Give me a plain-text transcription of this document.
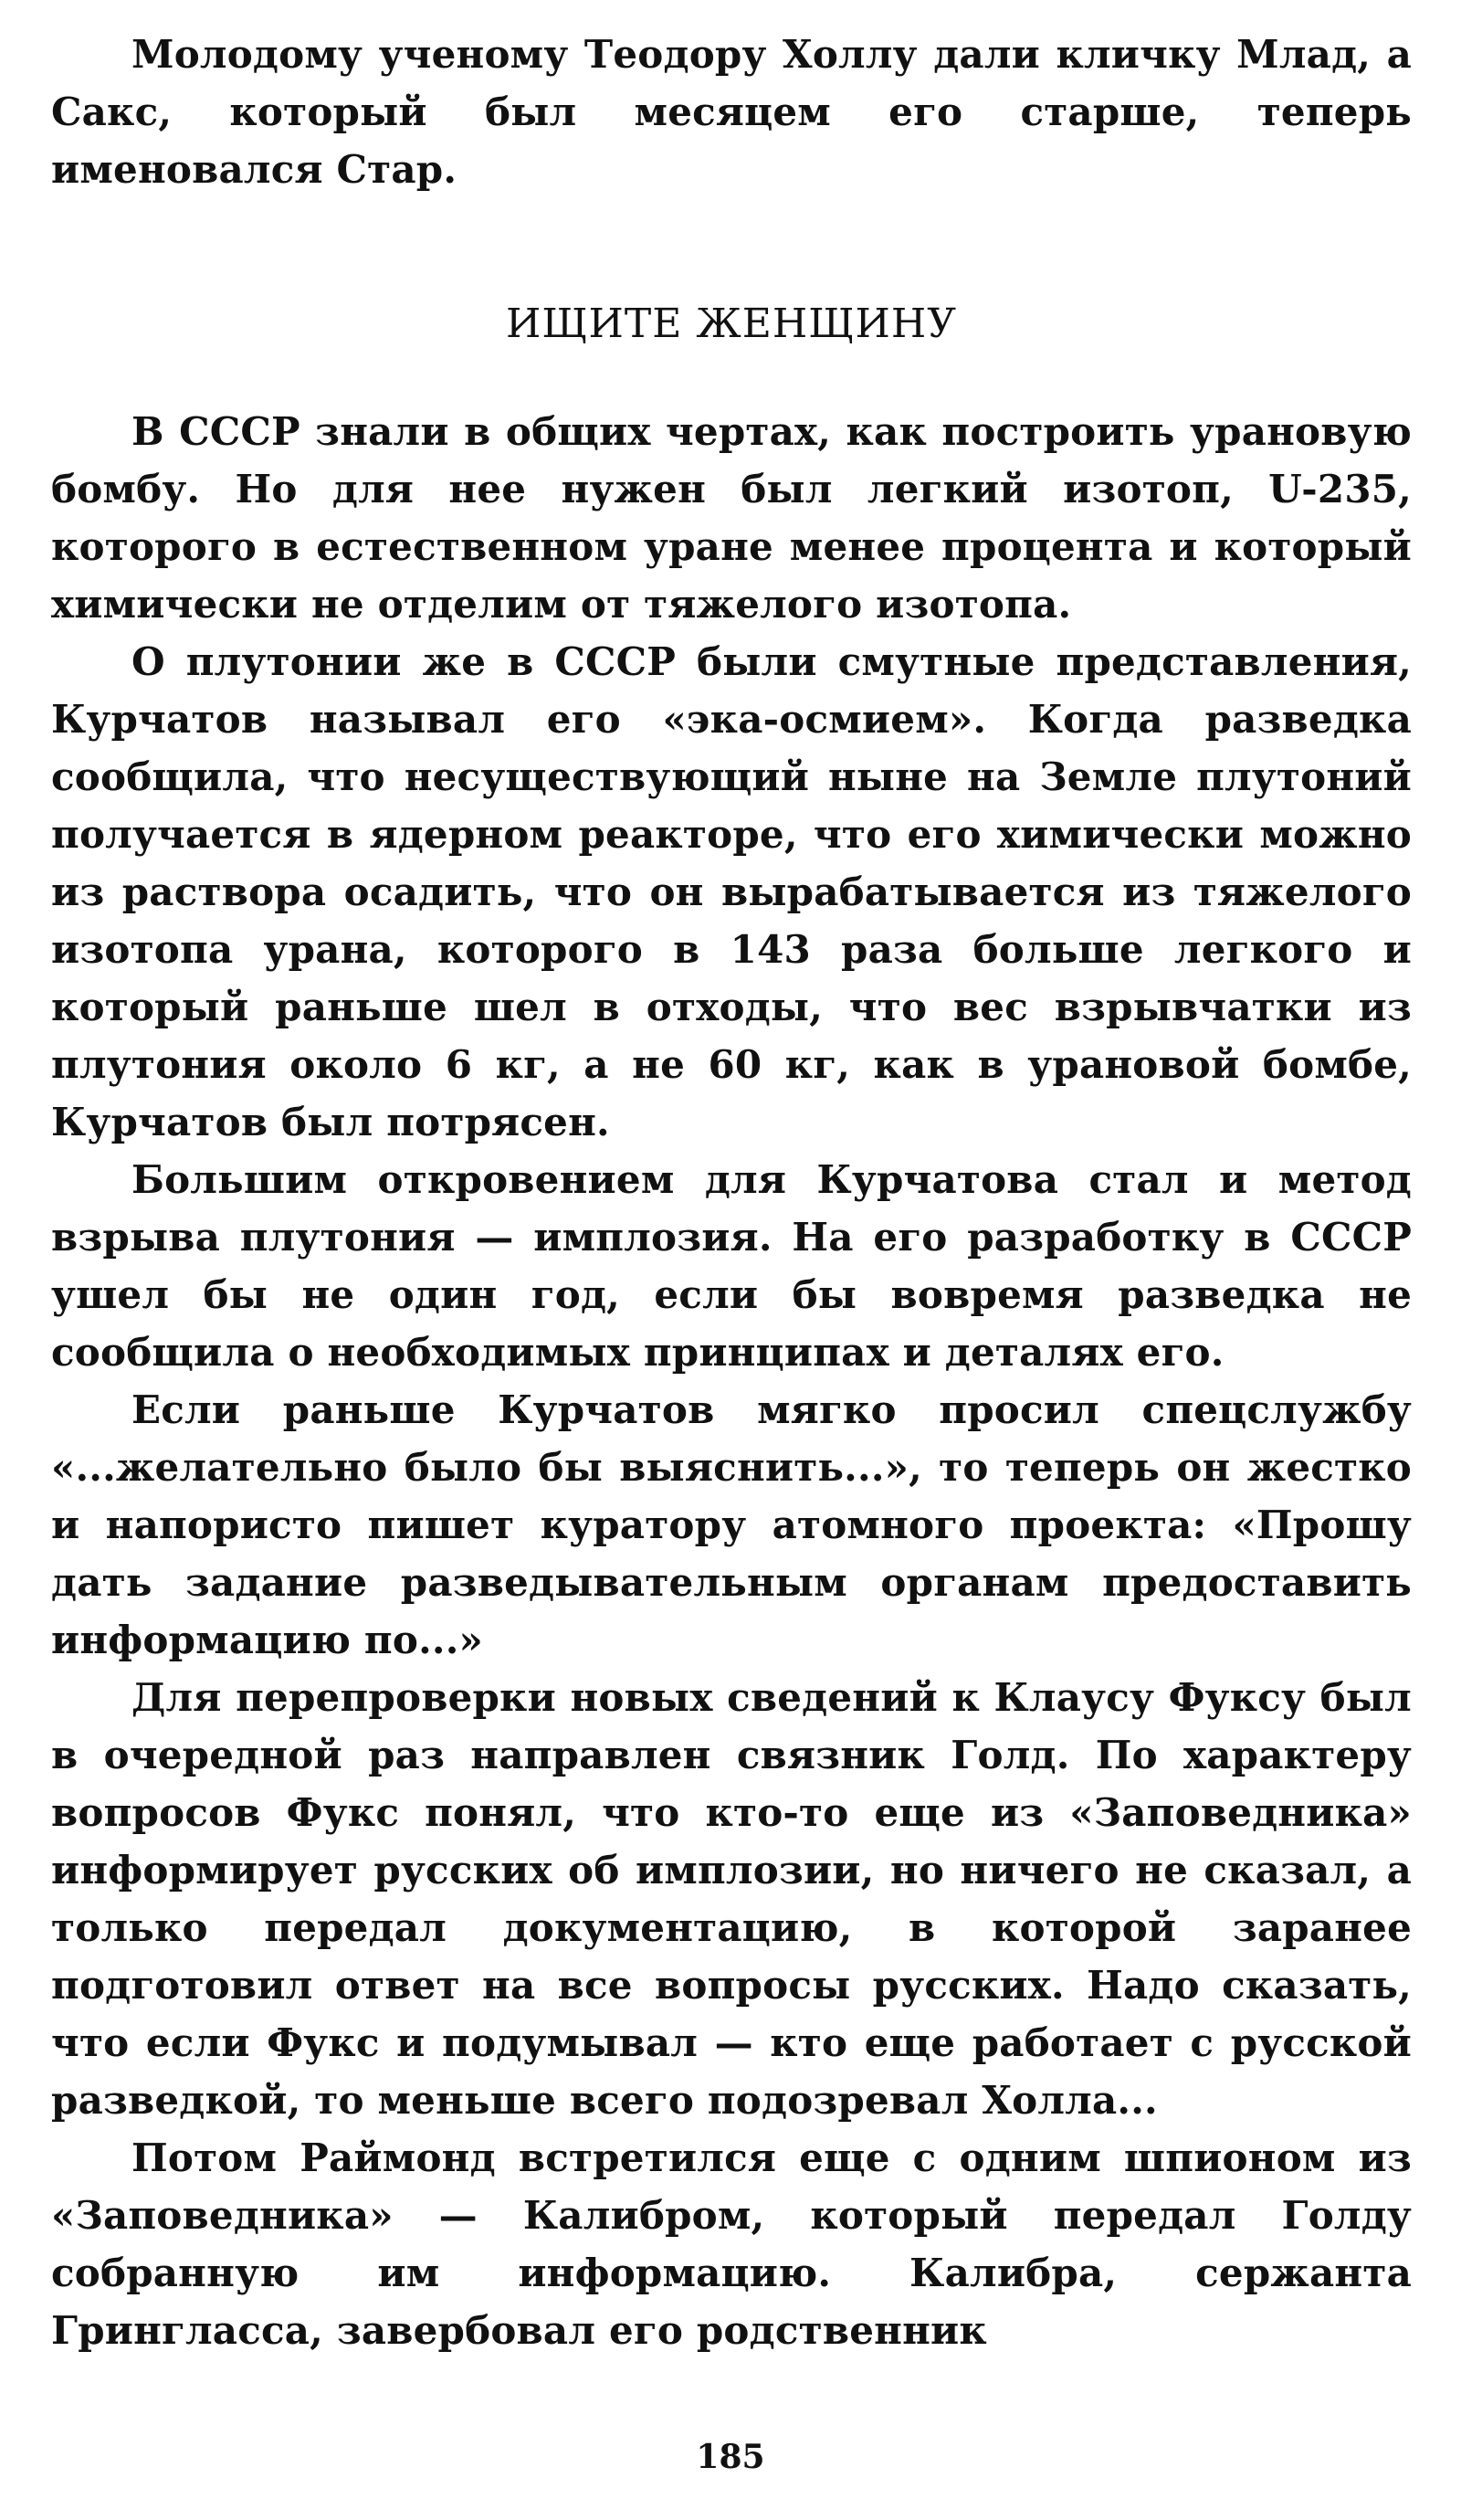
Молодому ученому Теодору Холлу дали кличку Млад, а Сакс, который был месяцем его старше, теперь именовался Стар.

ИЩИТЕ ЖЕНЩИНУ

В СССР знали в общих чертах, как построить урановую бомбу. Но для нее нужен был легкий изотоп, U-235, которого в естественном уране менее процента и который химически не отделим от тяжелого изотопа.

О плутонии же в СССР были смутные представления, Курчатов называл его «эка-осмием». Когда разведка сообщила, что несуществующий ныне на Земле плутоний получается в ядерном реакторе, что его химически можно из раствора осадить, что он вырабатывается из тяжелого изотопа урана, которого в 143 раза больше легкого и который раньше шел в отходы, что вес взрывчатки из плутония около 6 кг, а не 60 кг, как в урановой бомбе, Курчатов был потрясен.

Большим откровением для Курчатова стал и метод взрыва плутония — имплозия. На его разработку в СССР ушел бы не один год, если бы вовремя разведка не сообщила о необходимых принципах и деталях его.

Если раньше Курчатов мягко просил спецслужбу «...желательно было бы выяснить...», то теперь он жестко и напористо пишет куратору атомного проекта: «Прошу дать задание разведывательным органам предоставить информацию по...»

Для перепроверки новых сведений к Клаусу Фуксу был в очередной раз направлен связник Голд. По характеру вопросов Фукс понял, что кто-то еще из «Заповедника» информирует русских об имплозии, но ничего не сказал, а только передал документацию, в которой заранее подготовил ответ на все вопросы русских. Надо сказать, что если Фукс и подумывал — кто еще работает с русской разведкой, то меньше всего подозревал Холла...

Потом Раймонд встретился еще с одним шпионом из «Заповедника» — Калибром, который передал Голду собранную им информацию. Калибра, сержанта Грингласса, завербовал его родственник

185
